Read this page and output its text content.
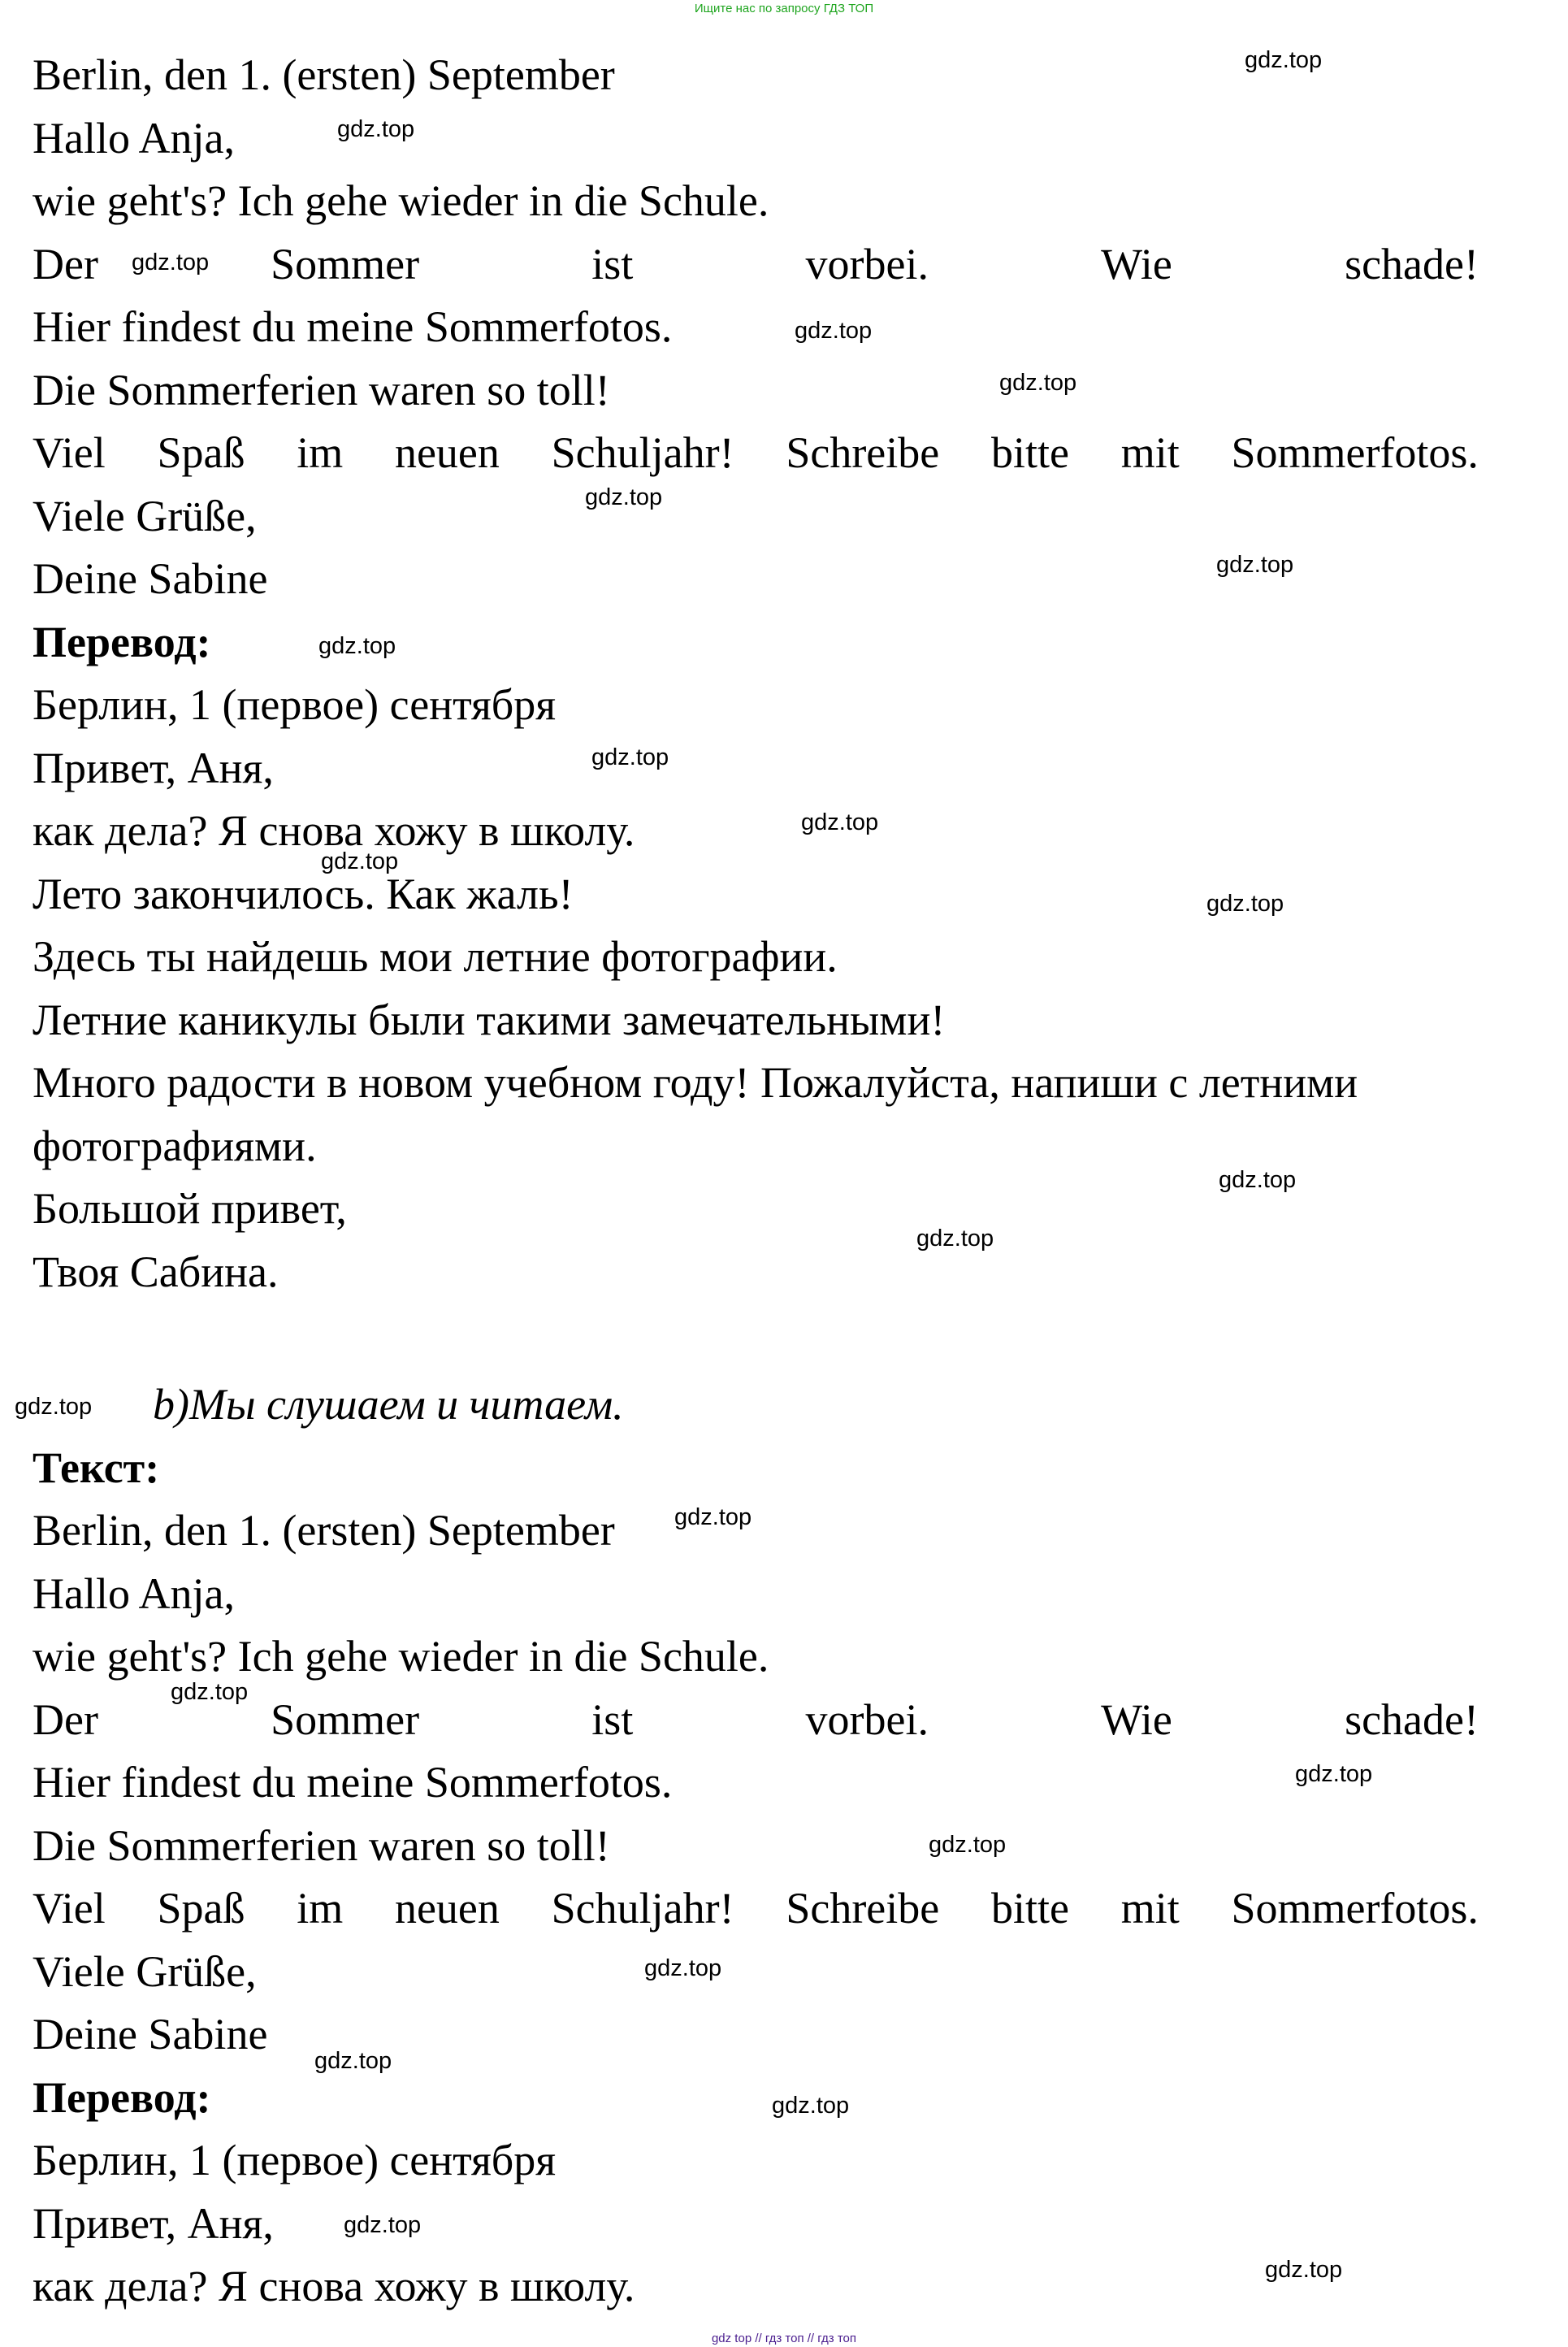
Ищите нас по запросу ГДЗ ТОП
Berlin, den 1. (ersten) September
Hallo Anja,
wie geht's? Ich gehe wieder in die Schule.
Der	Sommer	ist	vorbei.	Wie	schade!
Hier findest du meine Sommerfotos.
Die Sommerferien waren so toll!
Viel Spaß im neuen Schuljahr! Schreibe bitte mit Sommerfotos.
Viele Grüße,
Deine Sabine
Перевод:
Берлин, 1 (первое) сентября
Привет, Аня,
как дела? Я снова хожу в школу.
Лето закончилось. Как жаль!
Здесь ты найдешь мои летние фотографии.
Летние каникулы были такими замечательными!
Много радости в новом учебном году! Пожалуйста, напиши с летними
фотографиями.
Большой привет,
Твоя Сабина.
b)Мы слушаем и читаем.
Текст:
Berlin, den 1. (ersten) September
Hallo Anja,
wie geht's? Ich gehe wieder in die Schule.
Der	Sommer	ist	vorbei.	Wie	schade!
Hier findest du meine Sommerfotos.
Die Sommerferien waren so toll!
Viel Spaß im neuen Schuljahr! Schreibe bitte mit Sommerfotos.
Viele Grüße,
Deine Sabine
Перевод:
Берлин, 1 (первое) сентября
Привет, Аня,
как дела? Я снова хожу в школу.
gdz.top
gdz.top
gdz.top
gdz.top
gdz.top
gdz.top
gdz.top
gdz.top
gdz.top
gdz.top
gdz.top
gdz.top
gdz.top
gdz.top
gdz.top
gdz.top
gdz.top
gdz.top
gdz.top
gdz.top
gdz.top
gdz.top
gdz.top
gdz.top
gdz top // гдз топ // гдз топ
